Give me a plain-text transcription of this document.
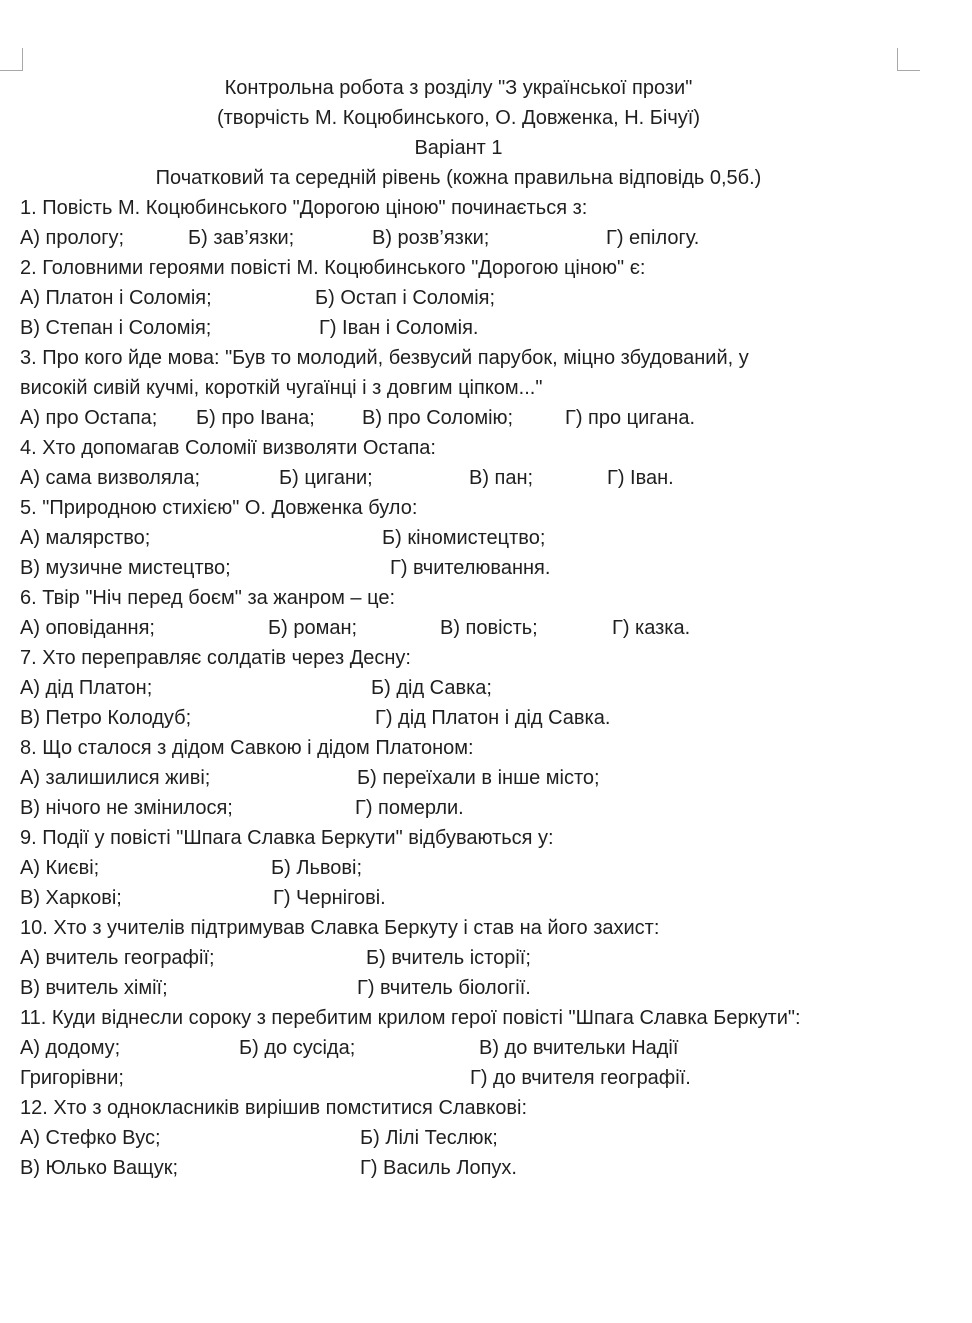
Контрольна робота з розділу "З української прози"
(творчість М. Коцюбинського, О. Довженка, Н. Бічуї)
Варіант 1
Початковий та середній рівень (кожна правильна відповідь 0,5б.)
1. Повість М. Коцюбинського "Дорогою ціною" починається з:
А) прологу;	Б) зав’язки;	В) розв’язки;	Г) епілогу.
2. Головними героями повісті М. Коцюбинського "Дорогою ціною" є:
А) Платон і Соломія;	Б) Остап і Соломія;
В) Степан і Соломія;	Г) Іван і Соломія.
3. Про кого йде мова: "Був то молодий, безвусий парубок, міцно збудований, у
високій сивій кучмі, короткій чугаїнці і з довгим ціпком..."
А) про Остапа; Б) про Івана; В) про Соломію;	Г) про цигана.
4. Хто допомагав Соломії визволяти Остапа:
А) сама визволяла;	Б) цигани;	В) пан;	Г) Іван.
5. "Природною стихією" О. Довженка було:
А) малярство;	Б) кіномистецтво;
В) музичне мистецтво;	Г) вчителювання.
6. Твір "Ніч перед боєм" за жанром – це:
А) оповідання;	Б) роман;	В) повість;	Г) казка.
7. Хто переправляє солдатів через Десну:
А) дід Платон;	Б) дід Савка;
В) Петро Колодуб;	Г) дід Платон і дід Савка.
8. Що сталося з дідом Савкою і дідом Платоном:
А) залишилися живі;	Б) переїхали в інше місто;
В) нічого не змінилося;	Г) померли.
9. Події у повісті "Шпага Славка Беркути" відбуваються у:
А) Києві;	Б) Львові;
В) Харкові;	Г) Чернігові.
10. Хто з учителів підтримував Славка Беркуту і став на його захист:
А) вчитель географії;	Б) вчитель історії;
В) вчитель хімії;	Г) вчитель біології.
11. Куди віднесли сороку з перебитим крилом герої повісті "Шпага Славка Беркути":
А) додому;	Б) до сусіда;	В) до вчительки Надії
Григорівни;	Г) до вчителя географії.
12. Хто з однокласників вирішив помститися Славкові:
А) Стефко Вус;	Б) Лілі Теслюк;
В) Юлько Ващук;	Г) Василь Лопух.
